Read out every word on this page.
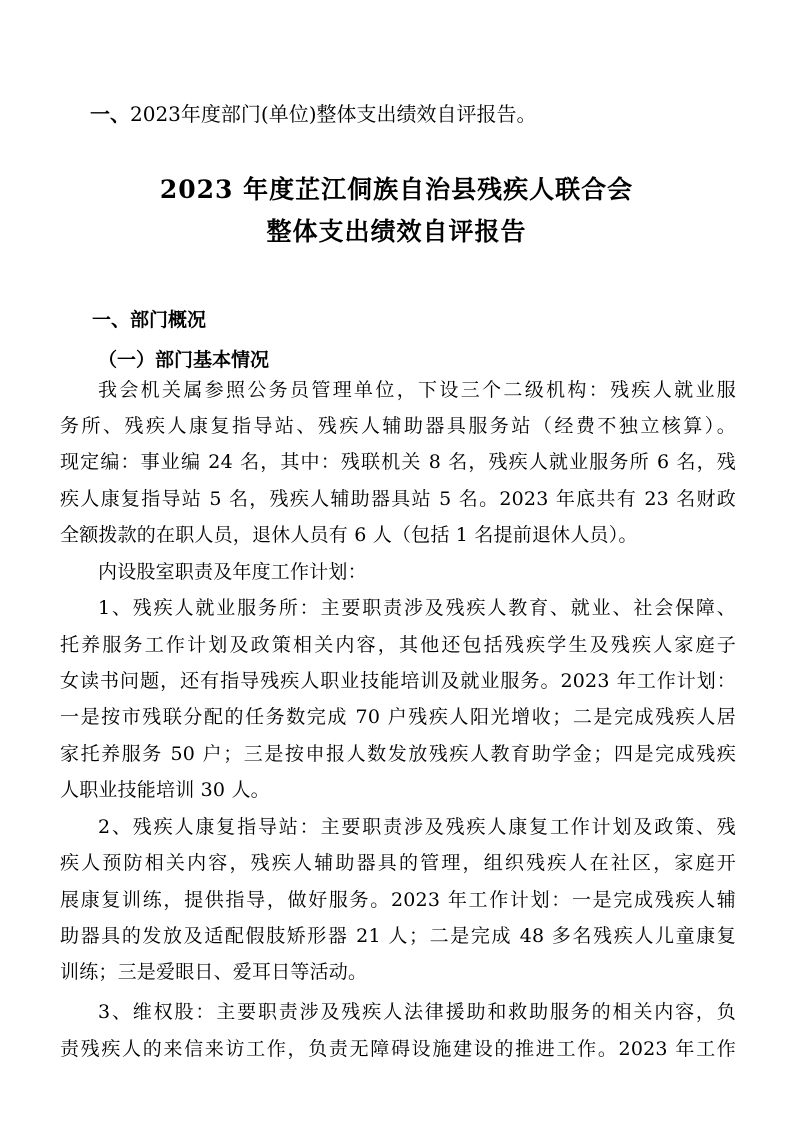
一、2023年度部门(单位)整体支出绩效自评报告。
2023 年度芷江侗族自治县残疾人联合会
整体支出绩效自评报告
一、部门概况
（一）部门基本情况
我会机关属参照公务员管理单位，下设三个二级机构：残疾人就业服
务所、残疾人康复指导站、残疾人辅助器具服务站（经费不独立核算）。
现定编：事业编 24 名，其中：残联机关 8 名，残疾人就业服务所 6 名，残
疾人康复指导站 5 名，残疾人辅助器具站 5 名。2023 年底共有 23 名财政
全额拨款的在职人员，退休人员有 6 人（包括 1 名提前退休人员）。
内设股室职责及年度工作计划：
1、残疾人就业服务所：主要职责涉及残疾人教育、就业、社会保障、
托养服务工作计划及政策相关内容，其他还包括残疾学生及残疾人家庭子
女读书问题，还有指导残疾人职业技能培训及就业服务。2023 年工作计划：
一是按市残联分配的任务数完成 70 户残疾人阳光增收；二是完成残疾人居
家托养服务 50 户；三是按申报人数发放残疾人教育助学金；四是完成残疾
人职业技能培训 30 人。
2、残疾人康复指导站：主要职责涉及残疾人康复工作计划及政策、残
疾人预防相关内容，残疾人辅助器具的管理，组织残疾人在社区，家庭开
展康复训练，提供指导，做好服务。2023 年工作计划：一是完成残疾人辅
助器具的发放及适配假肢矫形器 21 人；二是完成 48 多名残疾人儿童康复
训练；三是爱眼日、爱耳日等活动。
3、维权股：主要职责涉及残疾人法律援助和救助服务的相关内容，负
责残疾人的来信来访工作，负责无障碍设施建设的推进工作。2023 年工作
